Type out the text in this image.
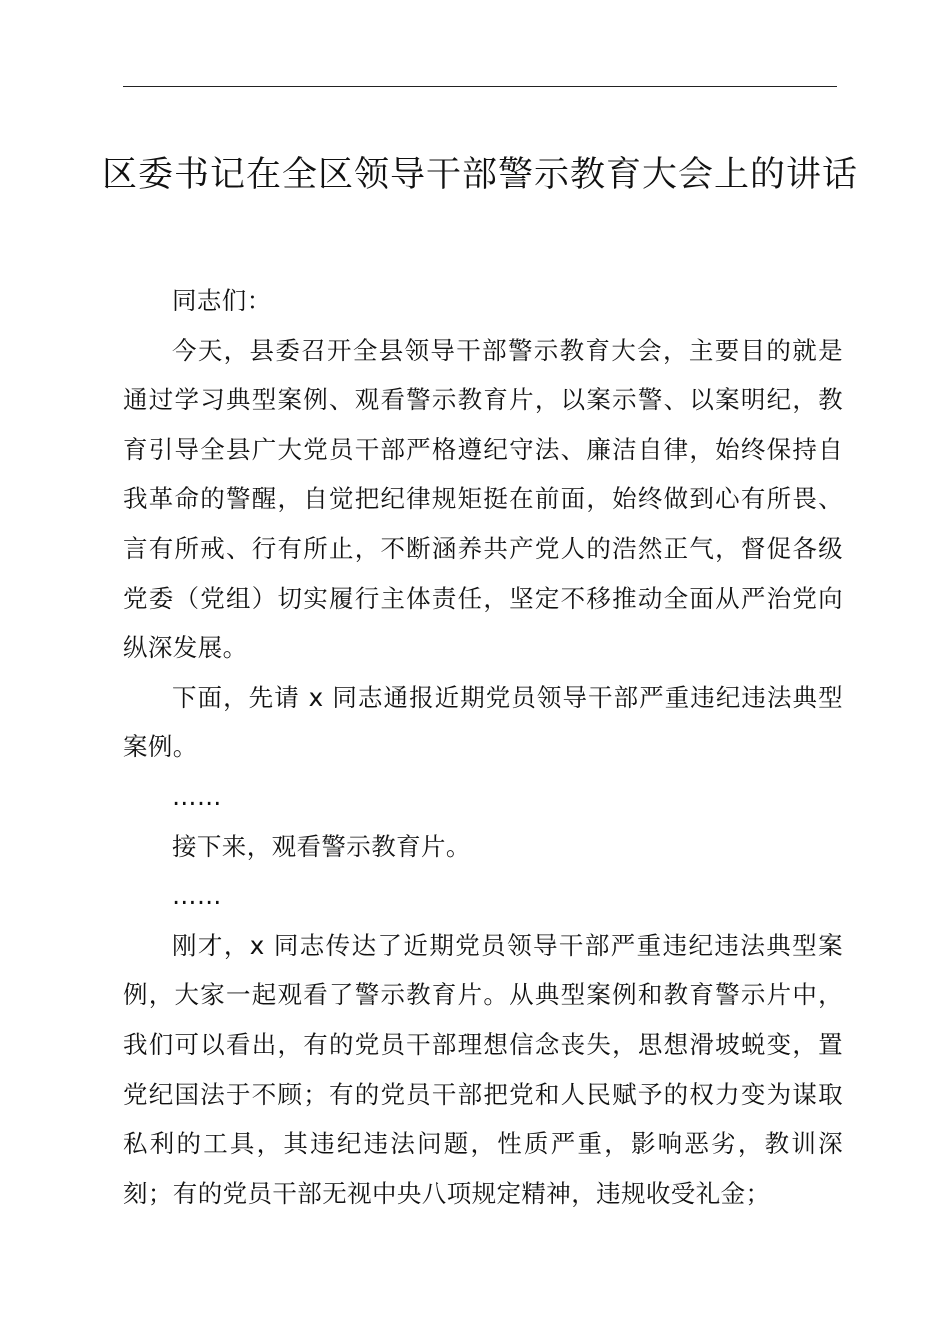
区委书记在全区领导干部警示教育大会上的讲话

同志们：

今天，县委召开全县领导干部警示教育大会，主要目的就是通过学习典型案例、观看警示教育片，以案示警、以案明纪，教育引导全县广大党员干部严格遵纪守法、廉洁自律，始终保持自我革命的警醒，自觉把纪律规矩挺在前面，始终做到心有所畏、言有所戒、行有所止，不断涵养共产党人的浩然正气，督促各级党委（党组）切实履行主体责任，坚定不移推动全面从严治党向纵深发展。

下面，先请 x 同志通报近期党员领导干部严重违纪违法典型案例。

……

接下来，观看警示教育片。

……

刚才，x 同志传达了近期党员领导干部严重违纪违法典型案例，大家一起观看了警示教育片。从典型案例和教育警示片中，我们可以看出，有的党员干部理想信念丧失，思想滑坡蜕变，置党纪国法于不顾；有的党员干部把党和人民赋予的权力变为谋取私利的工具，其违纪违法问题，性质严重，影响恶劣，教训深刻；有的党员干部无视中央八项规定精神，违规收受礼金；
